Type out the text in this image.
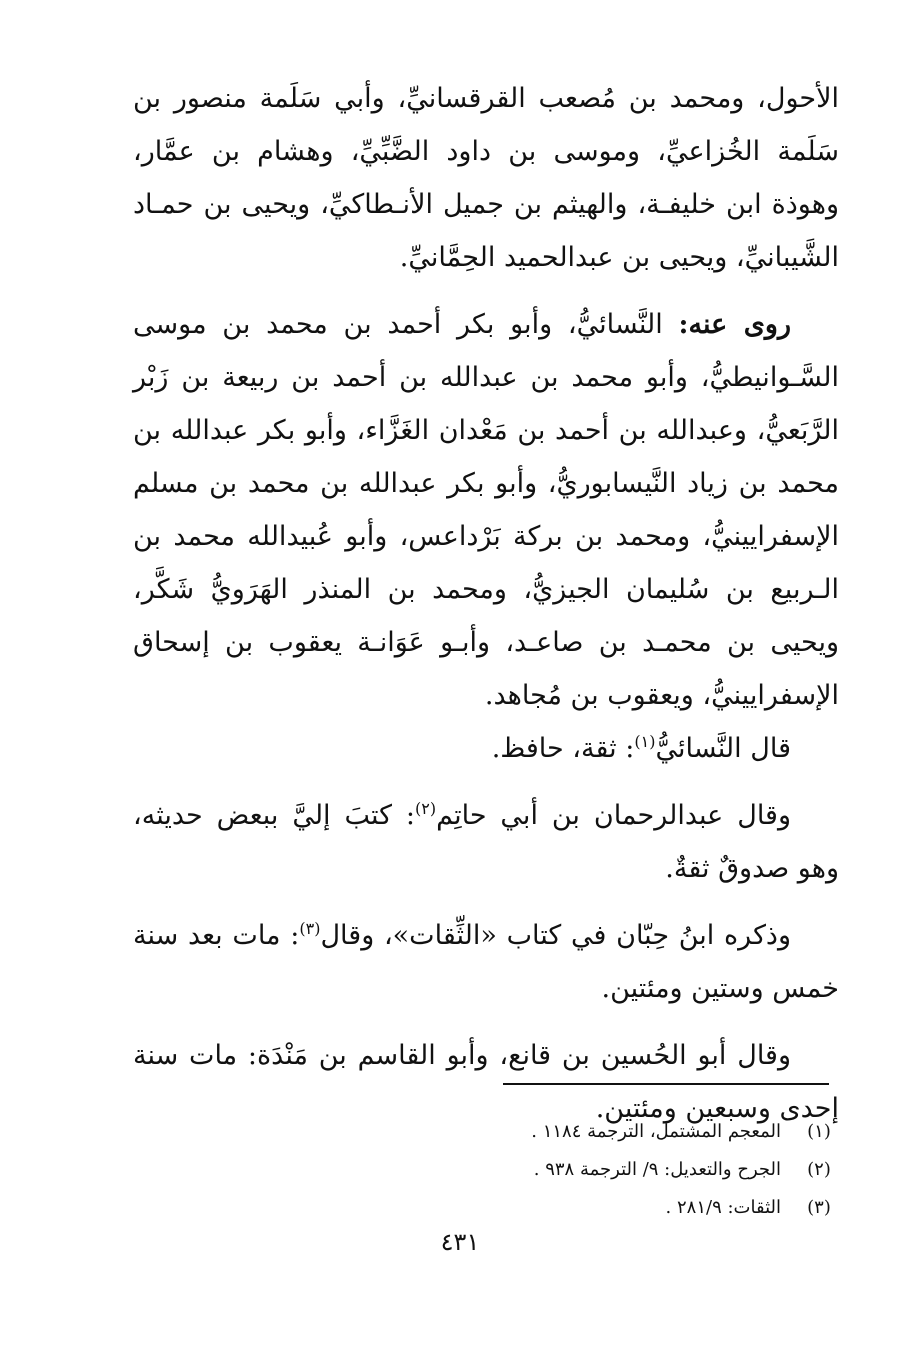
الأحول، ومحمد بن مُصعب القرقسانيِّ، وأبي سَلَمة منصور بن سَلَمة الخُزاعيِّ، وموسى بن داود الضَّبِّيِّ، وهشام بن عمَّار، وهوذة ابن خليفـة، والهيثم بن جميل الأنـطاكيِّ، ويحيى بن حمـاد الشَّيبانيِّ، ويحيى بن عبدالحميد الحِمَّانيِّ.

روى عنه: النَّسائيُّ، وأبو بكر أحمد بن محمد بن موسى السَّـوانيطيُّ، وأبو محمد بن عبدالله بن أحمد بن ربيعة بن زَبْر الرَّبَعيُّ، وعبدالله بن أحمد بن مَعْدان الغَزَّاء، وأبو بكر عبدالله بن محمد بن زياد النَّيسابوريُّ، وأبو بكر عبدالله بن محمد بن مسلم الإسفرايينيُّ، ومحمد بن بركة بَرْداعس، وأبو عُبيدالله محمد بن الـربيع بن سُليمان الجيزيُّ، ومحمد بن المنذر الهَرَويُّ شَكَّر، ويحيى بن محمـد بن صاعـد، وأبـو عَوَانـة يعقوب بن إسحاق الإسفرايينيُّ، ويعقوب بن مُجاهد.

قال النَّسائيُّ$^{(١)}$: ثقة، حافظ.

وقال عبدالرحمان بن أبي حاتِم$^{(٢)}$: كتبَ إليَّ ببعض حديثه، وهو صدوقٌ ثقةٌ.

وذكره ابنُ حِبّان في كتاب «الثِّقات»، وقال$^{(٣)}$: مات بعد سنة خمس وستين ومئتين.

وقال أبو الحُسين بن قانع، وأبو القاسم بن مَنْدَة: مات سنة إحدى وسبعين ومئتين.

(١)
المعجم المشتمل، الترجمة ١١٨٤ .
(٢)
الجرح والتعديل: ٩/ الترجمة ٩٣٨ .
(٣)
الثقات: ٢٨١/٩ .
٤٣١
